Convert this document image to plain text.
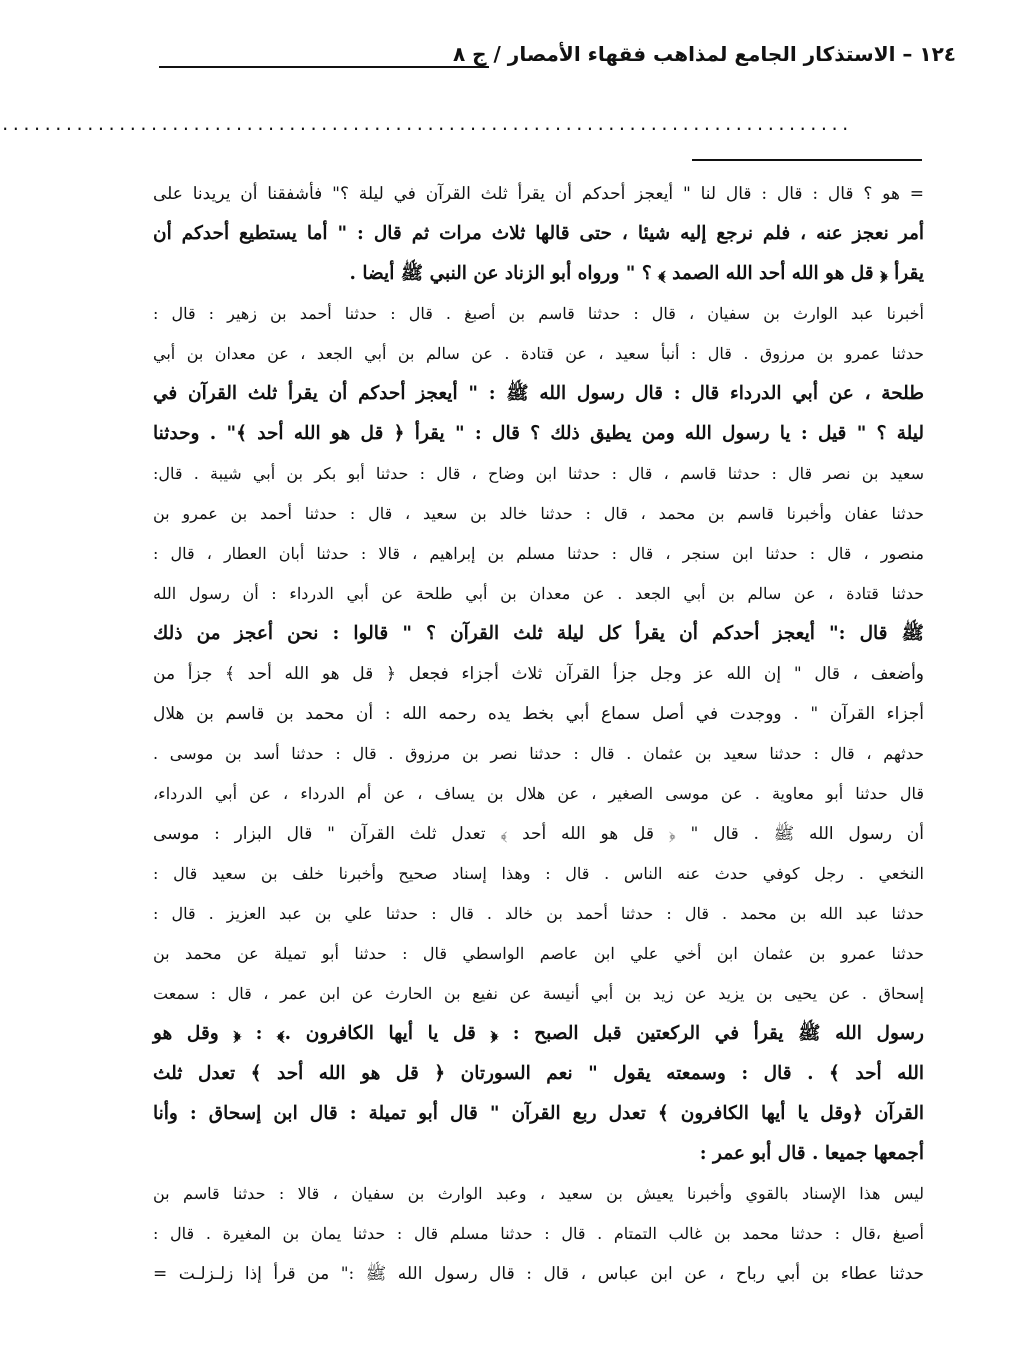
١٢٤ – الاستذكار الجامع لمذاهب فقهاء الأمصار / ج ٨
................................................................................
= هو ؟ قال : قال : قال لنا " أيعجز أحدكم أن يقرأ ثلث القرآن في ليلة ؟" فأشفقنا أن يريدنا على
أمر نعجز عنه ، فلم نرجع إليه شيئا ، حتى قالها ثلاث مرات ثم قال : " أما يستطيع أحدكم أن
يقرأ ﴿ قل هو الله أحد الله الصمد ﴾ ؟ " ورواه أبو الزناد عن النبي ﷺ أيضا .
أخبرنا عبد الوارث بن سفيان ، قال : حدثنا قاسم بن أصبغ . قال : حدثنا أحمد بن زهير : قال :
حدثنا عمرو بن مرزوق . قال : أنبأ سعيد ، عن قتادة . عن سالم بن أبي الجعد ، عن معدان بن أبي
طلحة ، عن أبي الدرداء قال : قال رسول الله ﷺ : " أيعجز أحدكم أن يقرأ ثلث القرآن في
ليلة ؟ " قيل : يا رسول الله ومن يطيق ذلك ؟ قال : " يقرأ ﴿ قل هو الله أحد ﴾" . وحدثنا
سعيد بن نصر قال : حدثنا قاسم ، قال : حدثنا ابن وضاح ، قال : حدثنا أبو بكر بن أبي شيبة . قال:
حدثنا عفان وأخبرنا قاسم بن محمد ، قال : حدثنا خالد بن سعيد ، قال : حدثنا أحمد بن عمرو بن
منصور ، قال : حدثنا ابن سنجر ، قال : حدثنا مسلم بن إبراهيم ، قالا : حدثنا أبان العطار ، قال :
حدثنا قتادة ، عن سالم بن أبي الجعد . عن معدان بن أبي طلحة عن أبي الدرداء : أن رسول الله
ﷺ قال :" أيعجز أحدكم أن يقرأ كل ليلة ثلث القرآن ؟ " قالوا : نحن أعجز من ذلك
وأضعف ، قال " إن الله عز وجل جزأ القرآن ثلاث أجزاء فجعل ﴿ قل هو الله أحد ﴾ جزأ من
أجزاء القرآن " . ووجدت في أصل سماع أبي بخط يده رحمه الله : أن محمد بن قاسم بن هلال
حدثهم ، قال : حدثنا سعيد بن عثمان . قال : حدثنا نصر بن مرزوق . قال : حدثنا أسد بن موسى .
قال حدثنا أبو معاوية . عن موسى الصغير ، عن هلال بن يساف ، عن أم الدرداء ، عن أبي الدرداء،
أن رسول الله ﷺ . قال " ﴿ قل هو الله أحد ﴾ تعدل ثلث القرآن " قال البزار : موسى
النخعي . رجل كوفي حدث عنه الناس . قال : وهذا إسناد صحيح وأخبرنا خلف بن سعيد قال :
حدثنا عبد الله بن محمد . قال : حدثنا أحمد بن خالد . قال : حدثنا علي بن عبد العزيز . قال :
حدثنا عمرو بن عثمان ابن أخي علي ابن عاصم الواسطي قال : حدثنا أبو تميلة عن محمد بن
إسحاق . عن يحيى بن يزيد عن زيد بن أبي أنيسة عن نفيع بن الحارث عن ابن عمر ، قال : سمعت
رسول الله ﷺ يقرأ في الركعتين قبل الصبح : ﴿ قل يا أيها الكافرون .﴾ : ﴿ وقل هو
الله أحد ﴾ . قال : وسمعته يقول " نعم السورتان ﴿ قل هو الله أحد ﴾ تعدل ثلث
القرآن ﴿وقل يا أيها الكافرون ﴾ تعدل ربع القرآن " قال أبو تميلة : قال ابن إسحاق : وأنا
أجمعها جميعا . قال أبو عمر :
ليس هذا الإسناد بالقوي وأخبرنا يعيش بن سعيد ، وعبد الوارث بن سفيان ، قالا : حدثنا قاسم بن
أصبغ ،قال : حدثنا محمد بن غالب التمتام . قال : حدثنا مسلم قال : حدثنا يمان بن المغيرة . قال :
حدثنا عطاء بن أبي رباح ، عن ابن عباس ، قال : قال رسول الله ﷺ :" من قرأ إذا زلـزلـت =
